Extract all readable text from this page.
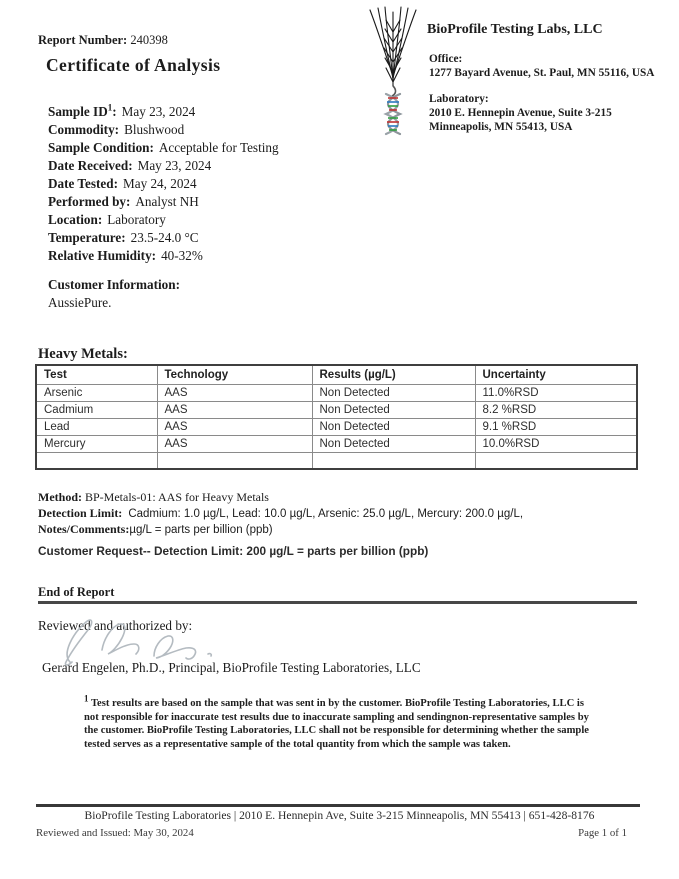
Report Number: 240398
Certificate of Analysis
BioProfile Testing Labs, LLC
Office:
1277 Bayard Avenue, St. Paul, MN 55116, USA
Laboratory:
2010 E. Hennepin Avenue, Suite 3-215
Minneapolis, MN 55413, USA
Sample $ID^1$: May 23, 2024
Commodity: Blushwood
Sample Condition: Acceptable for Testing
Date Received: May 23, 2024
Date Tested: May 24, 2024
Performed by: Analyst NH
Location: Laboratory
Temperature: 23.5-24.0 °C
Relative Humidity: 40-32%
Customer Information:
AussiePure.
Heavy Metals:
Test	Technology	Results (µg/L)	Uncertainty
Arsenic	AAS	Non Detected	11.0%RSD
Cadmium	AAS	Non Detected	8.2 %RSD
Lead	AAS	Non Detected	9.1 %RSD
Mercury	AAS	Non Detected	10.0%RSD

Method: BP-Metals-01: AAS for Heavy Metals
Detection Limit: Cadmium: 1.0 µg/L, Lead: 10.0 µg/L, Arsenic: 25.0 µg/L, Mercury: 200.0 µg/L,
Notes/Comments:µg/L = parts per billion (ppb)
Customer Request-- Detection Limit: 200 µg/L = parts per billion (ppb)
End of Report
Reviewed and authorized by:
Gerard Engelen, Ph.D., Principal, BioProfile Testing Laboratories, LLC
$^1$ Test results are based on the sample that was sent in by the customer. BioProfile Testing Laboratories, LLC is not responsible for inaccurate test results due to inaccurate sampling and sendingnon-representative samples by the customer. BioProfile Testing Laboratories, LLC shall not be responsible for determining whether the sample tested serves as a representative sample of the total quantity from which the sample was taken.
BioProfile Testing Laboratories | 2010 E. Hennepin Ave, Suite 3-215 Minneapolis, MN 55413 | 651-428-8176
Reviewed and Issued: May 30, 2024	Page 1 of 1
